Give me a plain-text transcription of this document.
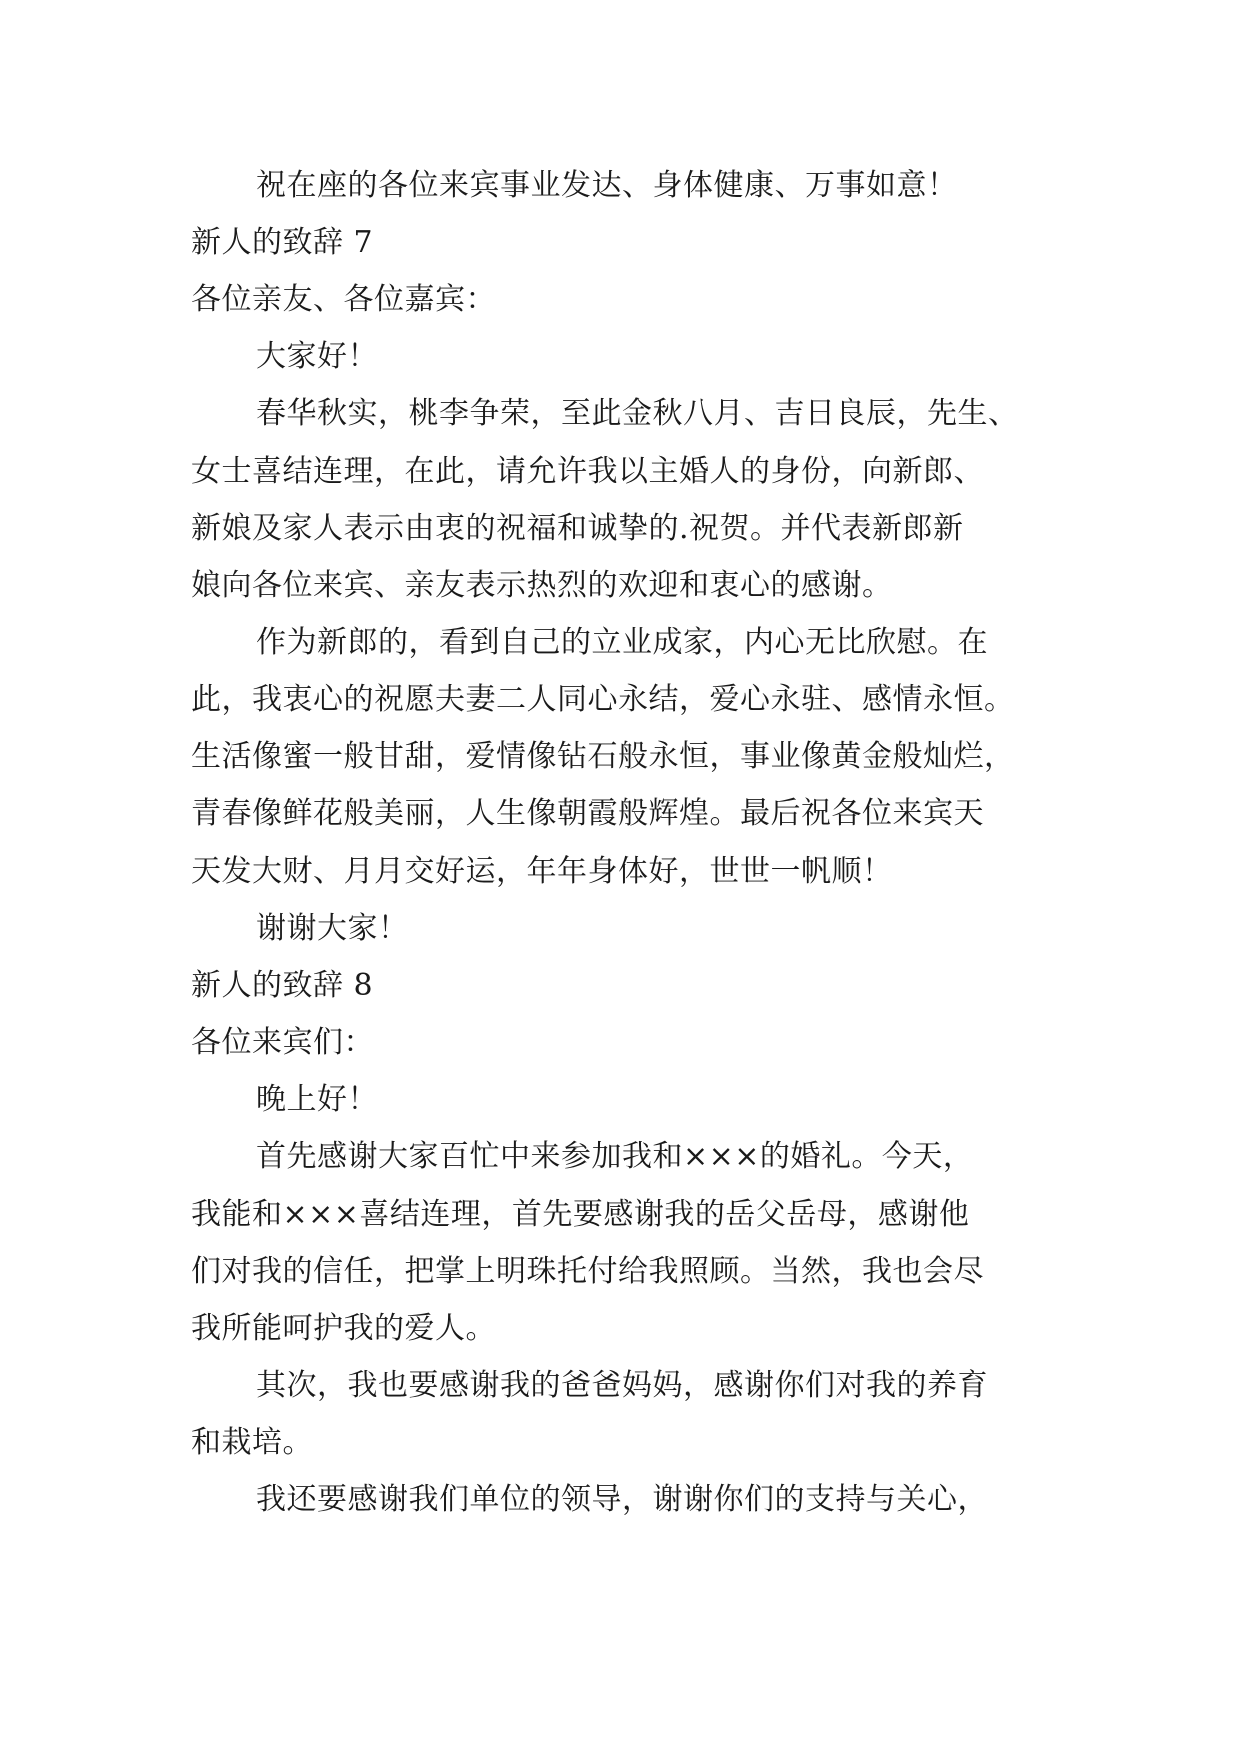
祝在座的各位来宾事业发达、身体健康、万事如意！
新人的致辞 7
各位亲友、各位嘉宾：
大家好！
春华秋实，桃李争荣，至此金秋八月、吉日良辰，先生、
女士喜结连理，在此，请允许我以主婚人的身份，向新郎、
新娘及家人表示由衷的祝福和诚挚的.祝贺。并代表新郎新
娘向各位来宾、亲友表示热烈的欢迎和衷心的感谢。
作为新郎的，看到自己的立业成家，内心无比欣慰。在
此，我衷心的祝愿夫妻二人同心永结，爱心永驻、感情永恒。
生活像蜜一般甘甜，爱情像钻石般永恒，事业像黄金般灿烂，
青春像鲜花般美丽，人生像朝霞般辉煌。最后祝各位来宾天
天发大财、月月交好运，年年身体好，世世一帆顺！
谢谢大家！
新人的致辞 8
各位来宾们：
晚上好！
首先感谢大家百忙中来参加我和×××的婚礼。今天，
我能和×××喜结连理，首先要感谢我的岳父岳母，感谢他
们对我的信任，把掌上明珠托付给我照顾。当然，我也会尽
我所能呵护我的爱人。
其次，我也要感谢我的爸爸妈妈，感谢你们对我的养育
和栽培。
我还要感谢我们单位的领导，谢谢你们的支持与关心，
